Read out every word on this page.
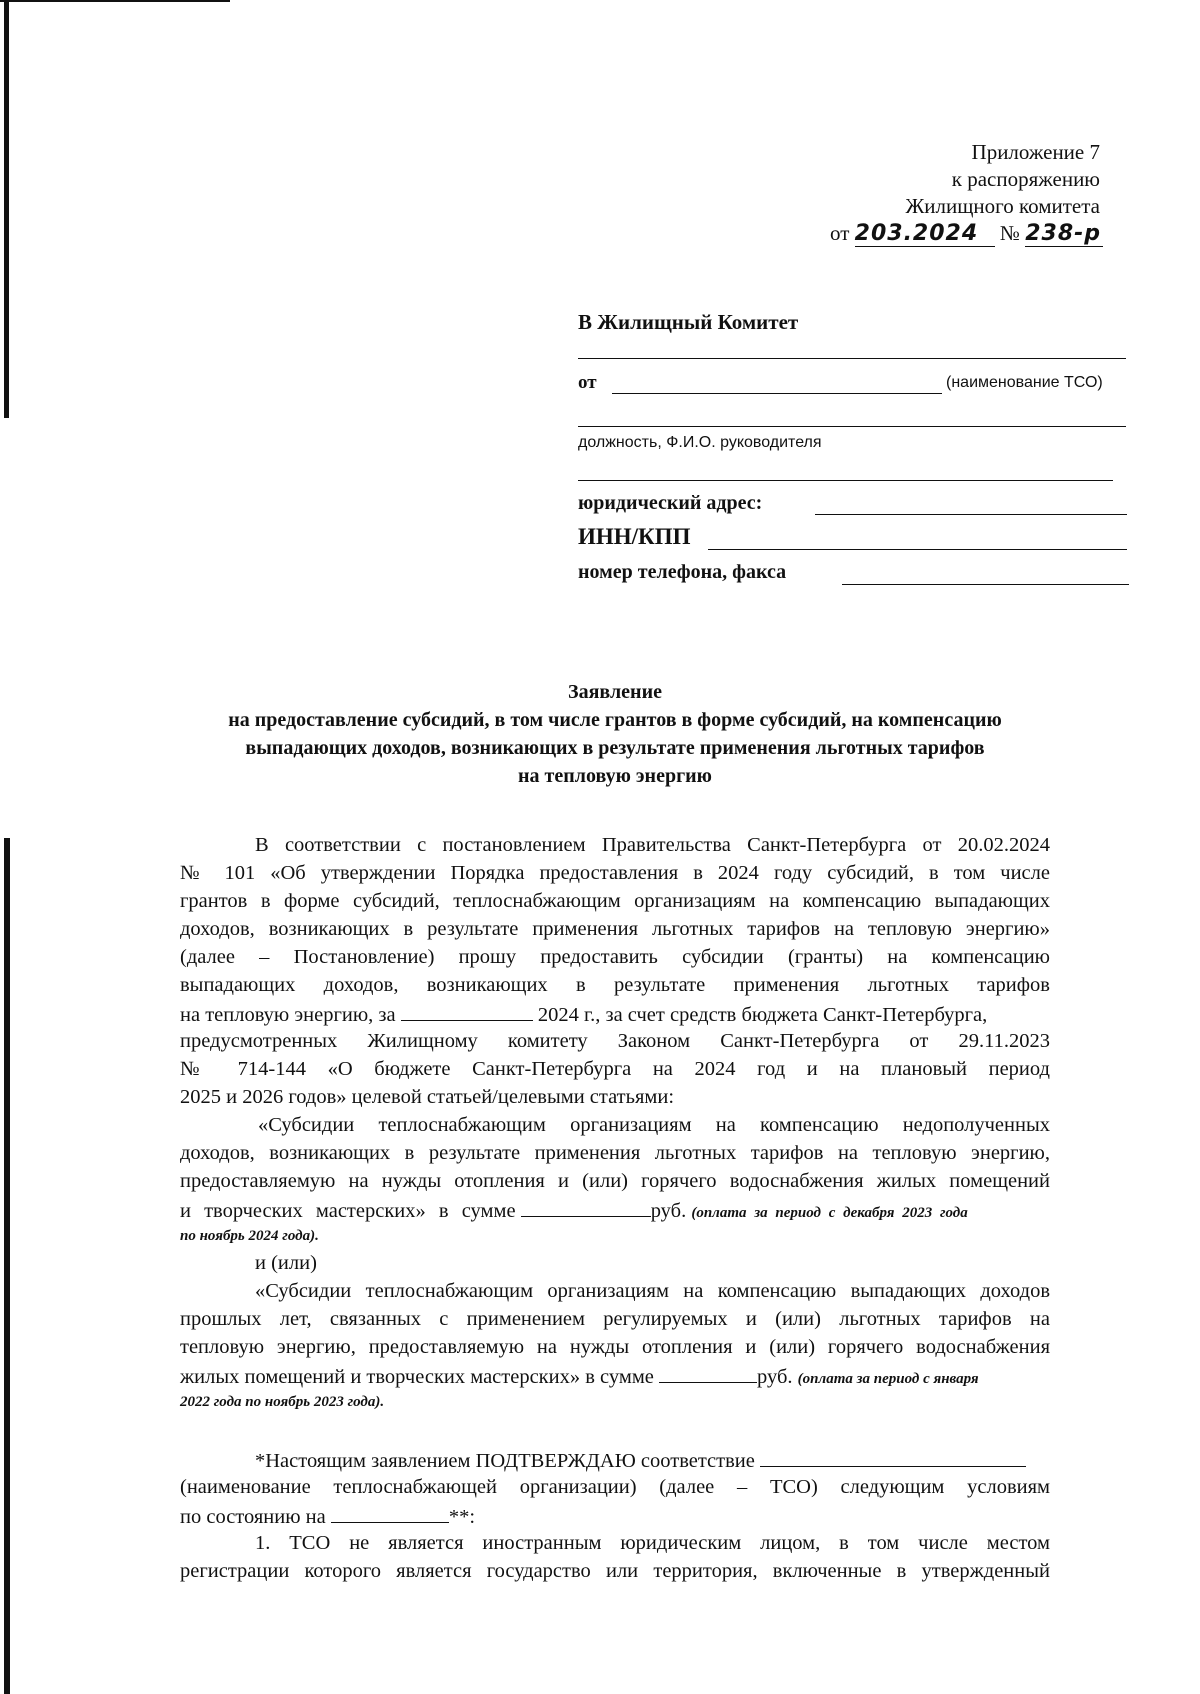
Приложение 7
к распоряжению
Жилищного комитета
от 203.2024 № 238-р
В Жилищный Комитет
от	(наименование ТСО)
должность, Ф.И.О. руководителя
юридический адрес:
ИНН/КПП
номер телефона, факса
Заявление
на предоставление субсидий, в том числе грантов в форме субсидий, на компенсацию
выпадающих доходов, возникающих в результате применения льготных тарифов
на тепловую энергию
В соответствии с постановлением Правительства Санкт-Петербурга от 20.02.2024
№ 101 «Об утверждении Порядка предоставления в 2024 году субсидий, в том числе
грантов в форме субсидий, теплоснабжающим организациям на компенсацию выпадающих
доходов, возникающих в результате применения льготных тарифов на тепловую энергию»
(далее – Постановление) прошу предоставить субсидии (гранты) на компенсацию
выпадающих доходов, возникающих в результате применения льготных тарифов
на тепловую энергию, за	2024 г., за счет средств бюджета Санкт-Петербурга,
предусмотренных Жилищному комитету Законом Санкт-Петербурга от 29.11.2023
№ 714-144 «О бюджете Санкт-Петербурга на 2024 год и на плановый период
2025 и 2026 годов» целевой статьей/целевыми статьями:
«Субсидии теплоснабжающим организациям на компенсацию недополученных
доходов, возникающих в результате применения льготных тарифов на тепловую энергию,
предоставляемую на нужды отопления и (или) горячего водоснабжения жилых помещений
и творческих мастерских» в сумме	руб. (оплата за период с декабря 2023 года
по ноябрь 2024 года).
и (или)
«Субсидии теплоснабжающим организациям на компенсацию выпадающих доходов
прошлых лет, связанных с применением регулируемых и (или) льготных тарифов на
тепловую энергию, предоставляемую на нужды отопления и (или) горячего водоснабжения
жилых помещений и творческих мастерских» в сумме	руб. (оплата за период с января
2022 года по ноябрь 2023 года).
*Настоящим заявлением ПОДТВЕРЖДАЮ соответствие
(наименование теплоснабжающей организации) (далее – ТСО) следующим условиям
по состоянию на	**:
1. ТСО не является иностранным юридическим лицом, в том числе местом
регистрации которого является государство или территория, включенные в утвержденный
